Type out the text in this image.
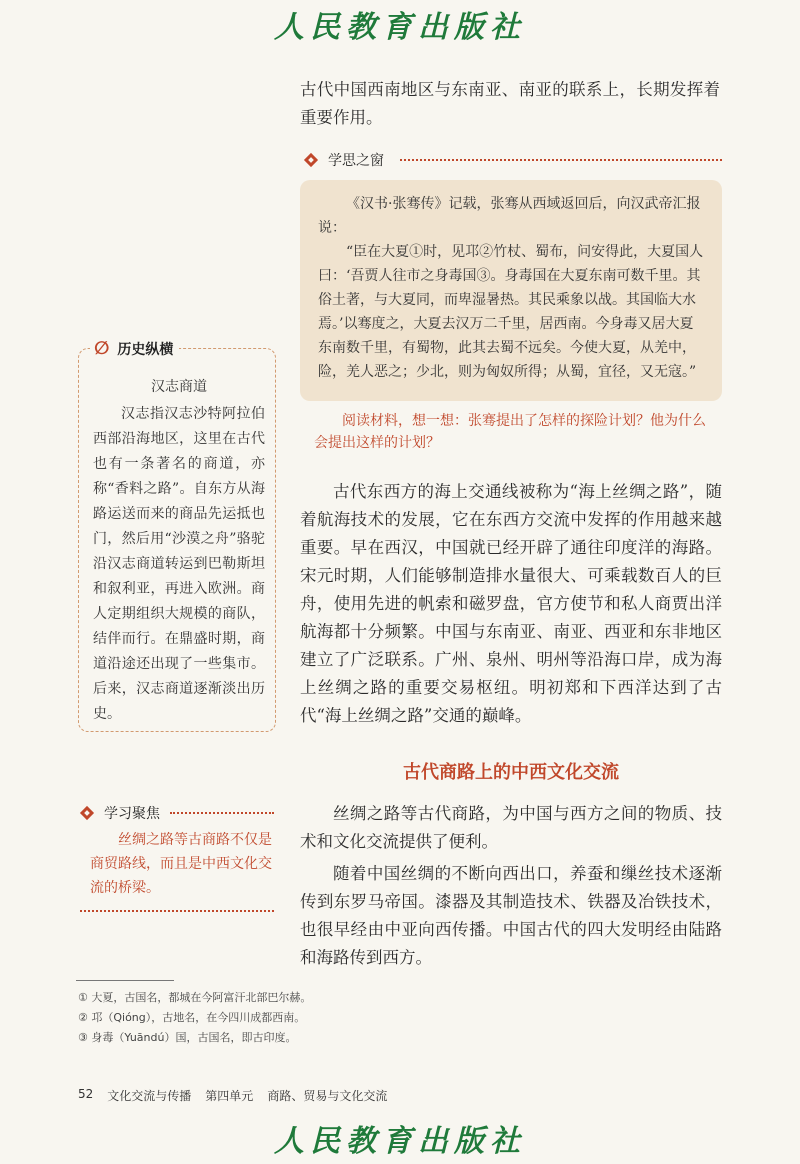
人民教育出版社

古代中国西南地区与东南亚、南亚的联系上，长期发挥着重要作用。

学思之窗

《汉书·张骞传》记载，张骞从西域返回后，向汉武帝汇报说：

“臣在大夏①时，见邛②竹杖、蜀布，问安得此，大夏国人曰：‘吾贾人往市之身毒国③。身毒国在大夏东南可数千里。其俗土著，与大夏同，而卑湿暑热。其民乘象以战。其国临大水焉。’以骞度之，大夏去汉万二千里，居西南。今身毒又居大夏东南数千里，有蜀物，此其去蜀不远矣。今使大夏，从羌中，险，羌人恶之；少北，则为匈奴所得；从蜀，宜径，又无寇。”

阅读材料，想一想：张骞提出了怎样的探险计划？他为什么会提出这样的计划？
汉志商道

汉志指汉志沙特阿拉伯西部沿海地区，这里在古代也有一条著名的商道，亦称“香料之路”。自东方从海路运送而来的商品先运抵也门，然后用“沙漠之舟”骆驼沿汉志商道转运到巴勒斯坦和叙利亚，再进入欧洲。商人定期组织大规模的商队，结伴而行。在鼎盛时期，商道沿途还出现了一些集市。后来，汉志商道逐渐淡出历史。

∅ 历史纵横

古代东西方的海上交通线被称为“海上丝绸之路”，随着航海技术的发展，它在东西方交流中发挥的作用越来越重要。早在西汉，中国就已经开辟了通往印度洋的海路。宋元时期，人们能够制造排水量很大、可乘载数百人的巨舟，使用先进的帆索和磁罗盘，官方使节和私人商贾出洋航海都十分频繁。中国与东南亚、南亚、西亚和东非地区建立了广泛联系。广州、泉州、明州等沿海口岸，成为海上丝绸之路的重要交易枢纽。明初郑和下西洋达到了古代“海上丝绸之路”交通的巅峰。

古代商路上的中西文化交流
学习聚焦

丝绸之路等古商路不仅是商贸路线，而且是中西文化交流的桥梁。

丝绸之路等古代商路，为中国与西方之间的物质、技术和文化交流提供了便利。

随着中国丝绸的不断向西出口，养蚕和缫丝技术逐渐传到东罗马帝国。漆器及其制造技术、铁器及冶铁技术，也很早经由中亚向西传播。中国古代的四大发明经由陆路和海路传到西方。

① 大夏，古国名，都城在今阿富汗北部巴尔赫。
② 邛（Qióng），古地名，在今四川成都西南。
③ 身毒（Yuāndú）国，古国名，即古印度。
52 文化交流与传播 第四单元 商路、贸易与文化交流
人民教育出版社
